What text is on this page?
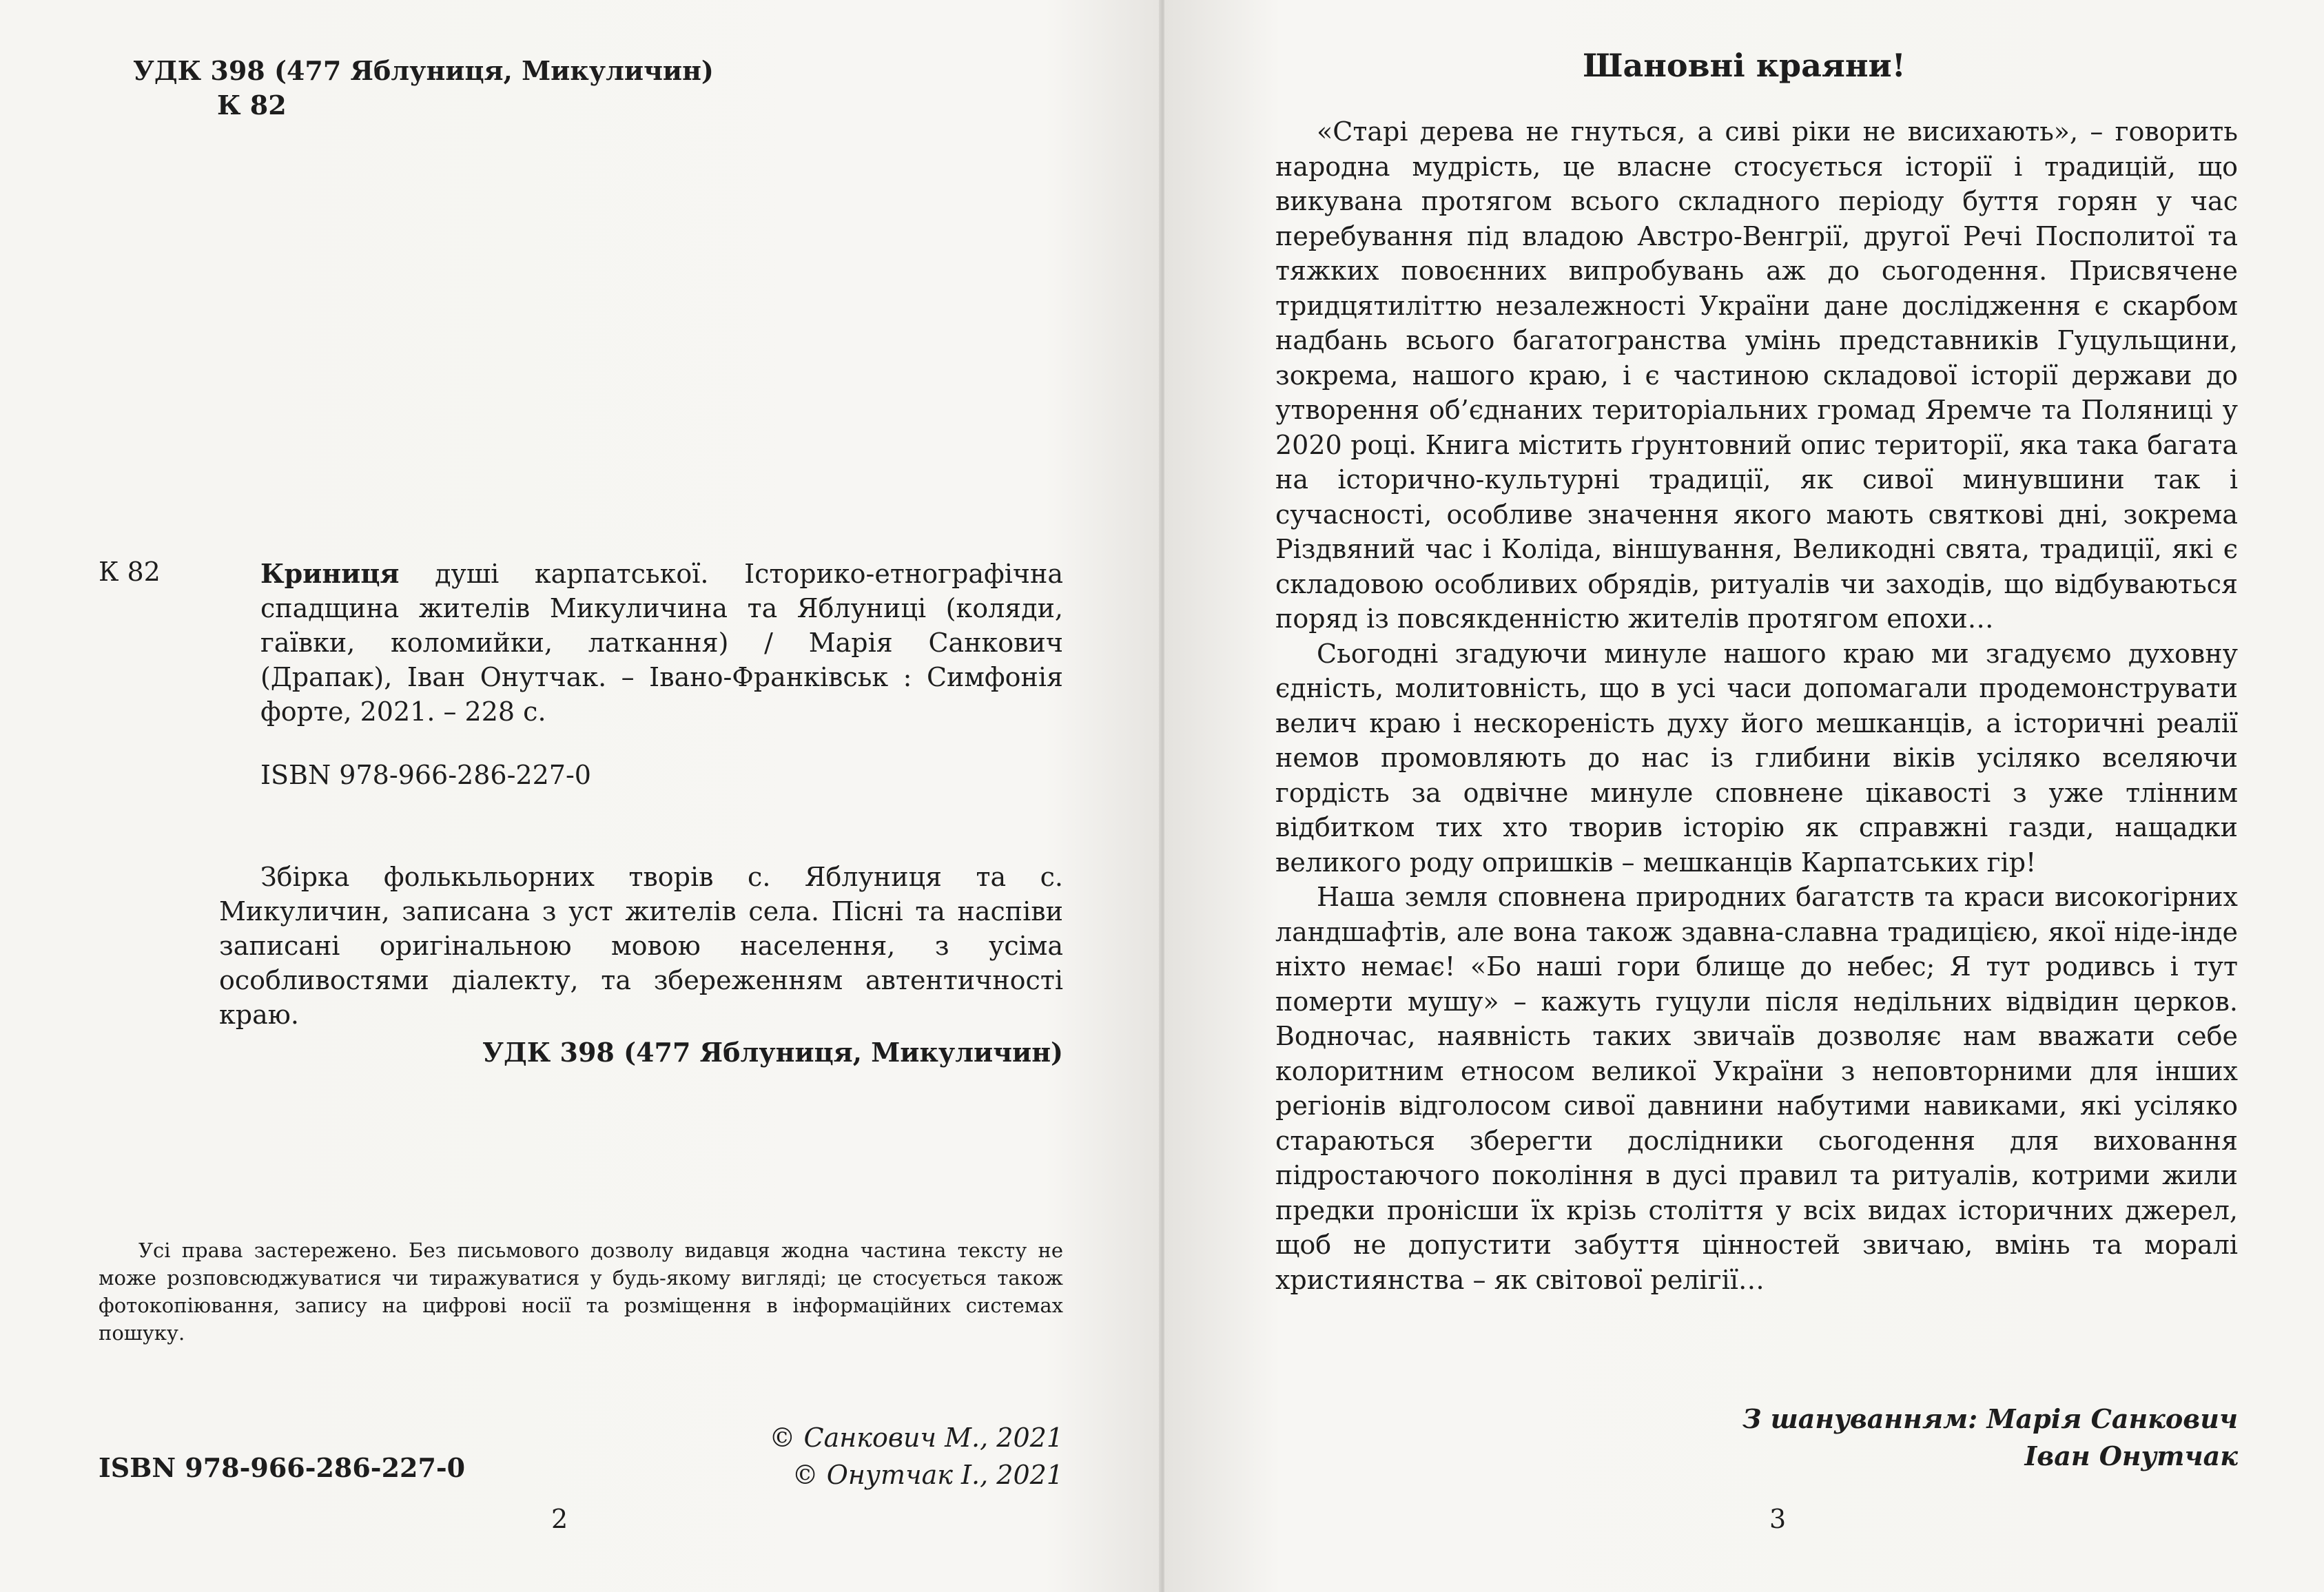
УДК 398 (477 Яблуниця, Микуличин)
К 82
К 82	Криниця душі карпатської. Історико-етнографічна спадщина жителів Микуличина та Яблуниці (коляди, гаївки, коломийки, латкання) / Марія Санкович (Драпак), Іван Онутчак. – Івано-Франківськ : Симфонія форте, 2021. – 228 с.
ISBN 978-966-286-227-0
Збірка фолькьльорних творів с. Яблуниця та с. Микуличин, записана з уст жителів села. Пісні та наспіви записані оригінальною мовою населення, з усіма особливостями діалекту, та збереженням автентичності краю.
УДК 398 (477 Яблуниця, Микуличин)
Усі права застережено. Без письмового дозволу видавця жодна частина тексту не може розповсюджуватися чи тиражуватися у будь-якому вигляді; це стосується також фотокопіювання, запису на цифрові носії та розміщення в інформаційних системах пошуку.
ISBN 978-966-286-227-0
© Санкович М., 2021
© Онутчак І., 2021
2
Шановні краяни!

«Старі дерева не гнуться, а сиві ріки не висихають», – говорить народна мудрість, це власне стосується історії і традицій, що викувана протягом всього складного періоду буття горян у час перебування під владою Австро-Венгрії, другої Речі Посполитої та тяжких повоєнних випробувань аж до сьогодення. Присвячене тридцятиліттю незалежності України дане дослідження є скарбом надбань всього багатогранства умінь представників Гуцульщини, зокрема, нашого краю, і є частиною складової історії держави до утворення об’єднаних територіальних громад Яремче та Поляниці у 2020 році. Книга містить ґрунтовний опис території, яка така багата на історично-культурні традиції, як сивої минувшини так і сучасності, особливе значення якого мають святкові дні, зокрема Різдвяний час і Коліда, віншування, Великодні свята, традиції, які є складовою особливих обрядів, ритуалів чи заходів, що відбуваються поряд із повсякденністю жителів протягом епохи…

Сьогодні згадуючи минуле нашого краю ми згадуємо духовну єдність, молитовність, що в усі часи допомагали продемонструвати велич краю і нескореність духу його мешканців, а історичні реалії немов промовляють до нас із глибини віків усіляко вселяючи гордість за одвічне минуле сповнене цікавості з уже тлінним відбитком тих хто творив історію як справжні газди, нащадки великого роду опришків – мешканців Карпатських гір!

Наша земля сповнена природних багатств та краси високогірних ландшафтів, але вона також здавна-славна традицією, якої ніде-інде ніхто немає! «Бо наші гори блище до небес; Я тут родивсь і тут померти мушу» – кажуть гуцули після недільних відвідин церков. Водночас, наявність таких звичаїв дозволяє нам вважати себе колоритним етносом великої України з неповторними для інших регіонів відголосом сивої давнини набутими навиками, які усіляко стараються зберегти дослідники сьогодення для виховання підростаючого покоління в дусі правил та ритуалів, котрими жили предки пронісши їх крізь століття у всіх видах історичних джерел, щоб не допустити забуття цінностей звичаю, вмінь та моралі християнства – як світової релігії…

З шануванням: Марія Санкович
Іван Онутчак
3
